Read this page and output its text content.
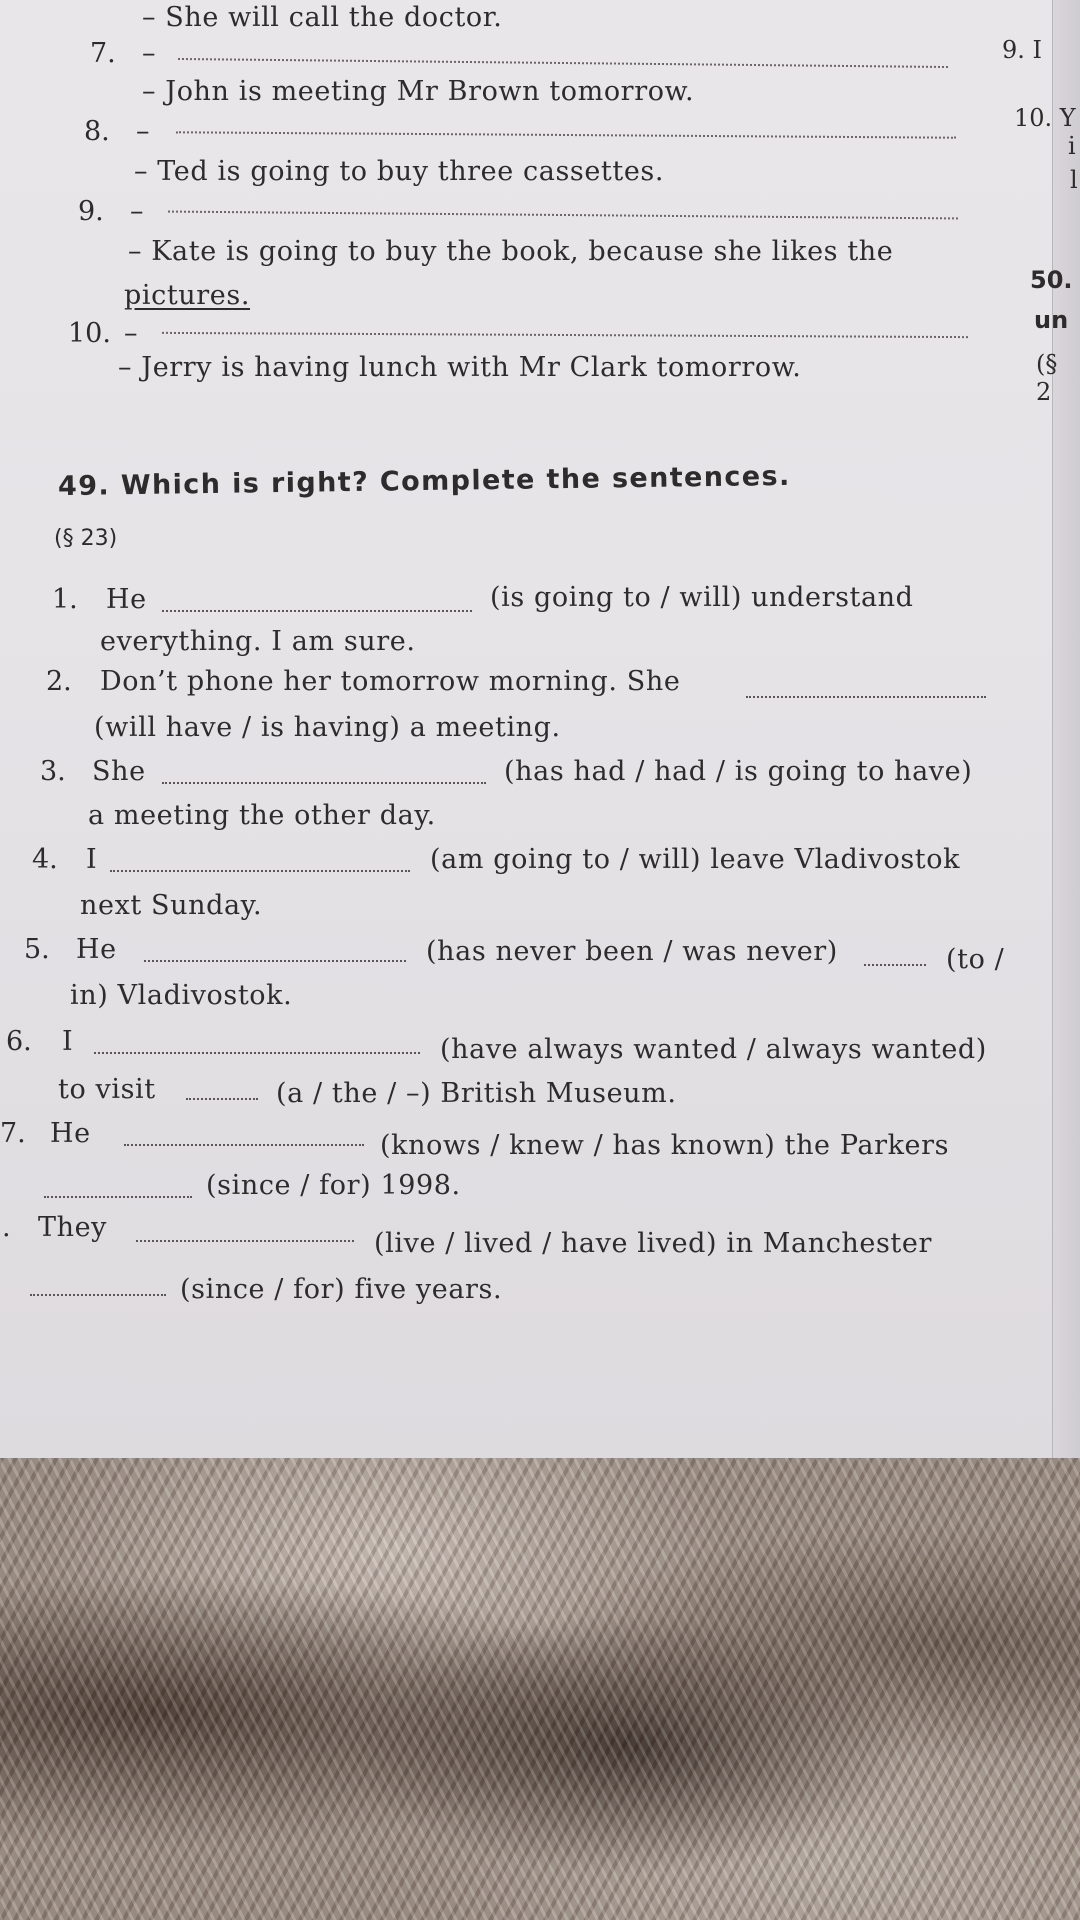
– She will call the doctor.
7. –
– John is meeting Mr Brown tomorrow.
8. –
– Ted is going to buy three cassettes.
9. –
– Kate is going to buy the book, because she likes the
pictures.
10. –
– Jerry is having lunch with Mr Clark tomorrow.
49. Which is right? Complete the sentences.
(§ 23)
1. He	(is going to / will) understand
everything. I am sure.
2. Don’t phone her tomorrow morning. She
(will have / is having) a meeting.
3. She	(has had / had / is going to have)
a meeting the other day.
4. I	(am going to / will) leave Vladivostok
next Sunday.
5. He	(has never been / was never)	(to /
in) Vladivostok.
6. I	(have always wanted / always wanted)
to visit	(a / the / –) British Museum.
7. He	(knows / knew / has known) the Parkers
(since / for) 1998.
. They
(live / lived / have lived) in Manchester
(since / for) five years.
9. I
10. Y
i
l
50.
un
(§ 2
